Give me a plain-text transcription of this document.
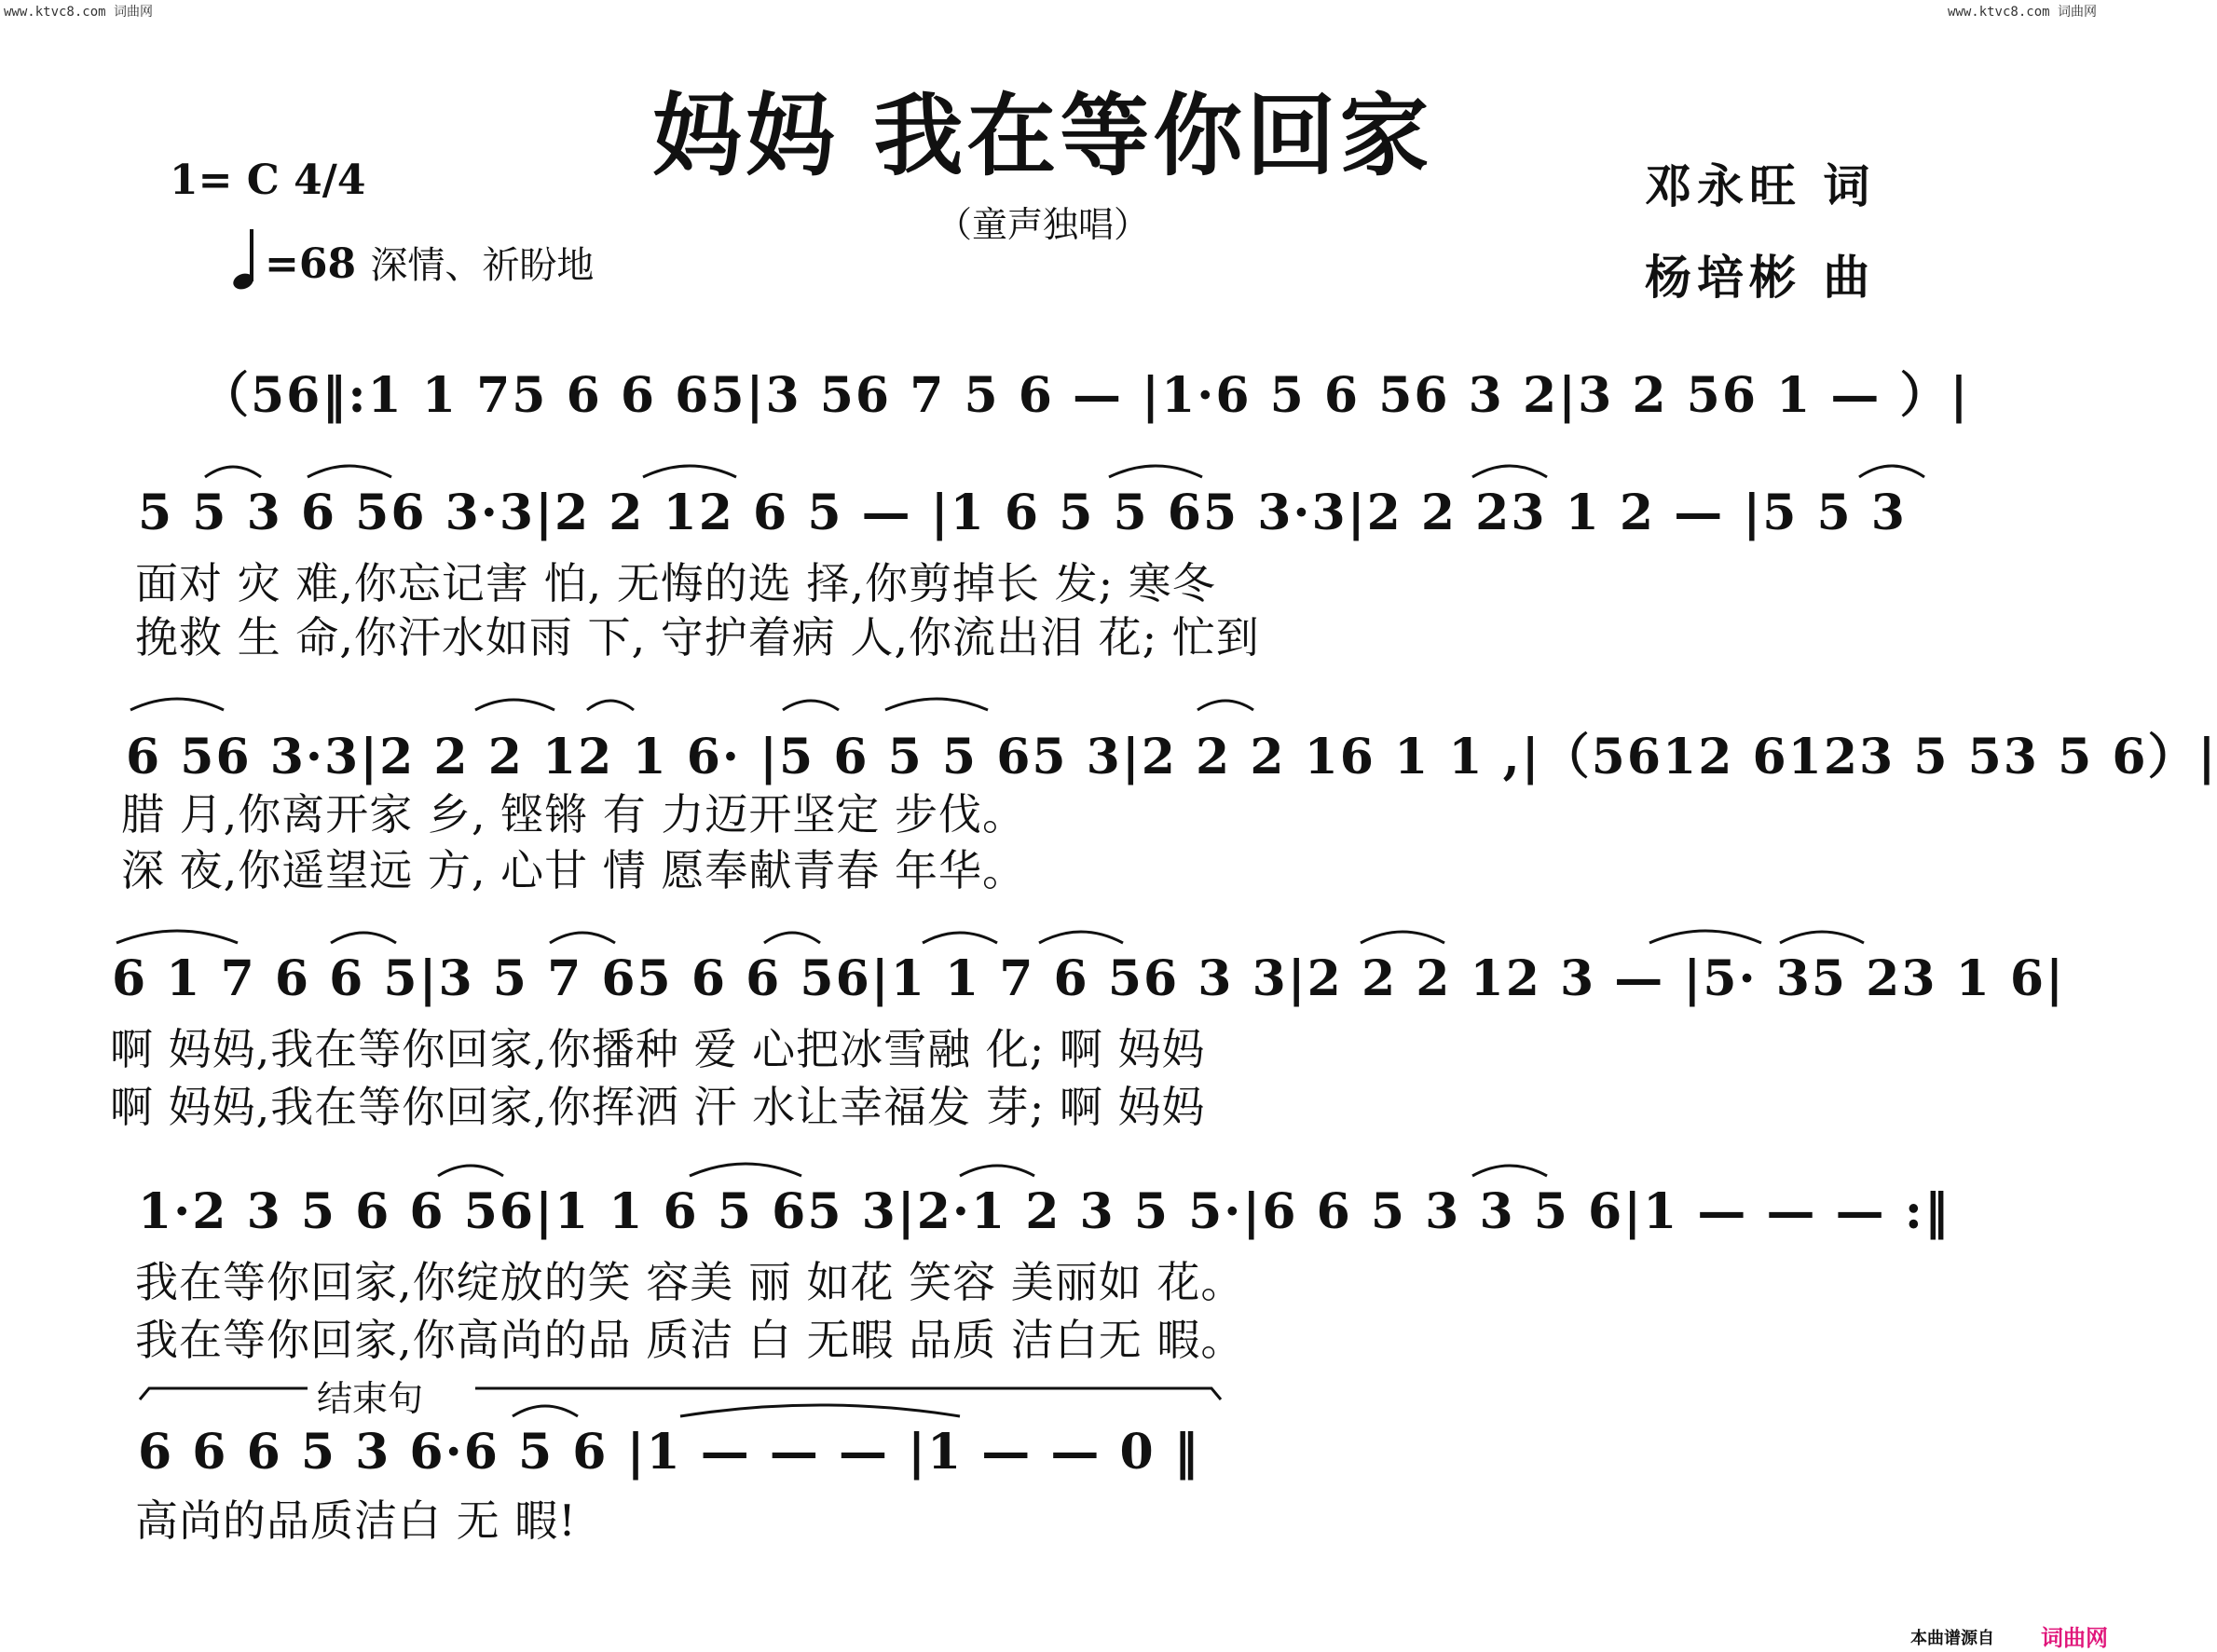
www.ktvc8.com 词曲网	www.ktvc8.com 词曲网
妈妈 我在等你回家
（童声独唱）
1= C 4/4
=68 深情、祈盼地
邓永旺 词
杨培彬 曲
（56‖:1 1 75 6 6 65|3 56 7 5 6 — |1·6 5 6 56 3 2|3 2 56 1 — ）|
5 5 3 6 56 3·3|2 2 12 6 5 — |1 6 5 5 65 3·3|2 2 23 1 2 — |5 5 3
面对 灾 难,你忘记害 怕, 无悔的选 择,你剪掉长 发; 寒冬
挽救 生 命,你汗水如雨 下, 守护着病 人,你流出泪 花; 忙到
6 56 3·3|2 2 2 12 1 6· |5 6 5 5 65 3|2 2 2 16 1 1 ,|（5612 6123 5 53 5 6）|
腊 月,你离开家 乡, 铿锵 有 力迈开坚定 步伐。
深 夜,你遥望远 方, 心甘 情 愿奉献青春 年华。
6 1 7 6 6 5|3 5 7 65 6 6 56|1 1 7 6 56 3 3|2 2 2 12 3 — |5· 35 23 1 6|
啊 妈妈,我在等你回家,你播种 爱 心把冰雪融 化; 啊 妈妈
啊 妈妈,我在等你回家,你挥洒 汗 水让幸福发 芽; 啊 妈妈
1·2 3 5 6 6 56|1 1 6 5 65 3|2·1 2 3 5 5·|6 6 5 3 3 5 6|1 — — — :‖
我在等你回家,你绽放的笑 容美 丽 如花 笑容 美丽如 花。
我在等你回家,你高尚的品 质洁 白 无暇 品质 洁白无 暇。
结束句
6 6 6 5 3 6·6 5 6 |1 — — — |1 — — 0 ‖
高尚的品质洁白 无 暇!
本曲谱源自 词曲网
